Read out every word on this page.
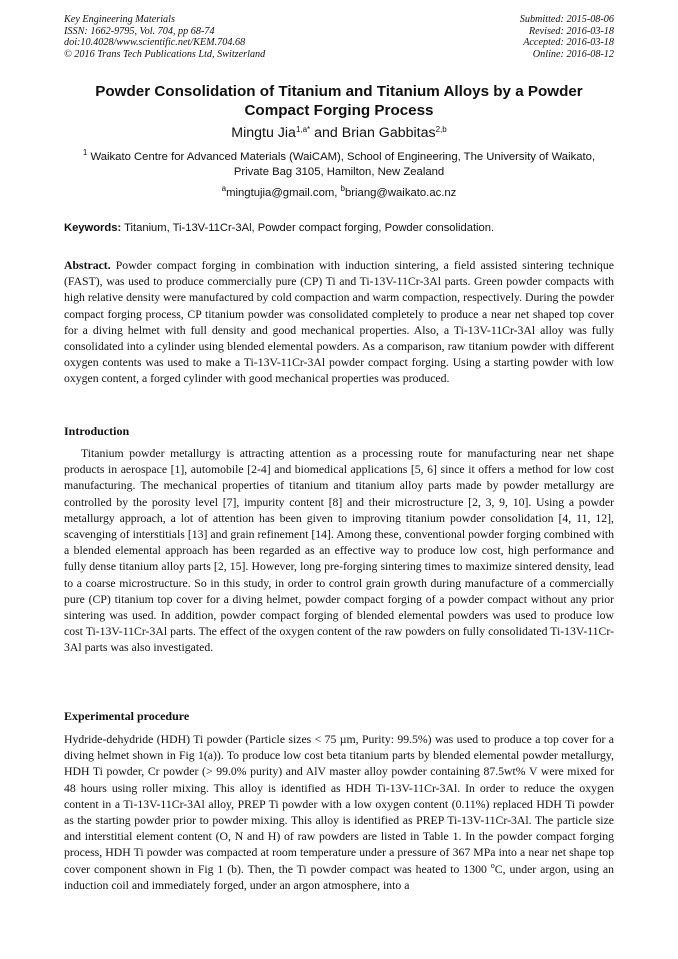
Key Engineering Materials
ISSN: 1662-9795, Vol. 704, pp 68-74
doi:10.4028/www.scientific.net/KEM.704.68
© 2016 Trans Tech Publications Ltd, Switzerland
Submitted: 2015-08-06
Revised: 2016-03-18
Accepted: 2016-03-18
Online: 2016-08-12
Powder Consolidation of Titanium and Titanium Alloys by a Powder Compact Forging Process
Mingtu Jia$^{1,a*}$ and Brian Gabbitas$^{2,b}$
$^1$ Waikato Centre for Advanced Materials (WaiCAM), School of Engineering, The University of Waikato, Private Bag 3105, Hamilton, New Zealand
$^a$mingtujia@gmail.com, $^b$briang@waikato.ac.nz
Keywords: Titanium, Ti-13V-11Cr-3Al, Powder compact forging, Powder consolidation.

Abstract. Powder compact forging in combination with induction sintering, a field assisted sintering technique (FAST), was used to produce commercially pure (CP) Ti and Ti-13V-11Cr-3Al parts. Green powder compacts with high relative density were manufactured by cold compaction and warm compaction, respectively. During the powder compact forging process, CP titanium powder was consolidated completely to produce a near net shaped top cover for a diving helmet with full density and good mechanical properties. Also, a Ti-13V-11Cr-3Al alloy was fully consolidated into a cylinder using blended elemental powders. As a comparison, raw titanium powder with different oxygen contents was used to make a Ti-13V-11Cr-3Al powder compact forging. Using a starting powder with low oxygen content, a forged cylinder with good mechanical properties was produced.

Introduction

Titanium powder metallurgy is attracting attention as a processing route for manufacturing near net shape products in aerospace [1], automobile [2-4] and biomedical applications [5, 6] since it offers a method for low cost manufacturing. The mechanical properties of titanium and titanium alloy parts made by powder metallurgy are controlled by the porosity level [7], impurity content [8] and their microstructure [2, 3, 9, 10]. Using a powder metallurgy approach, a lot of attention has been given to improving titanium powder consolidation [4, 11, 12], scavenging of interstitials [13] and grain refinement [14]. Among these, conventional powder forging combined with a blended elemental approach has been regarded as an effective way to produce low cost, high performance and fully dense titanium alloy parts [2, 15]. However, long pre-forging sintering times to maximize sintered density, lead to a coarse microstructure. So in this study, in order to control grain growth during manufacture of a commercially pure (CP) titanium top cover for a diving helmet, powder compact forging of a powder compact without any prior sintering was used. In addition, powder compact forging of blended elemental powders was used to produce low cost Ti-13V-11Cr-3Al parts. The effect of the oxygen content of the raw powders on fully consolidated Ti-13V-11Cr-3Al parts was also investigated.

Experimental procedure

Hydride-dehydride (HDH) Ti powder (Particle sizes < 75 µm, Purity: 99.5%) was used to produce a top cover for a diving helmet shown in Fig 1(a)). To produce low cost beta titanium parts by blended elemental powder metallurgy, HDH Ti powder, Cr powder (> 99.0% purity) and AlV master alloy powder containing 87.5wt% V were mixed for 48 hours using roller mixing. This alloy is identified as HDH Ti-13V-11Cr-3Al. In order to reduce the oxygen content in a Ti-13V-11Cr-3Al alloy, PREP Ti powder with a low oxygen content (0.11%) replaced HDH Ti powder as the starting powder prior to powder mixing. This alloy is identified as PREP Ti-13V-11Cr-3Al. The particle size and interstitial element content (O, N and H) of raw powders are listed in Table 1. In the powder compact forging process, HDH Ti powder was compacted at room temperature under a pressure of 367 MPa into a near net shape top cover component shown in Fig 1 (b). Then, the Ti powder compact was heated to 1300 $^o$C, under argon, using an induction coil and immediately forged, under an argon atmosphere, into a
